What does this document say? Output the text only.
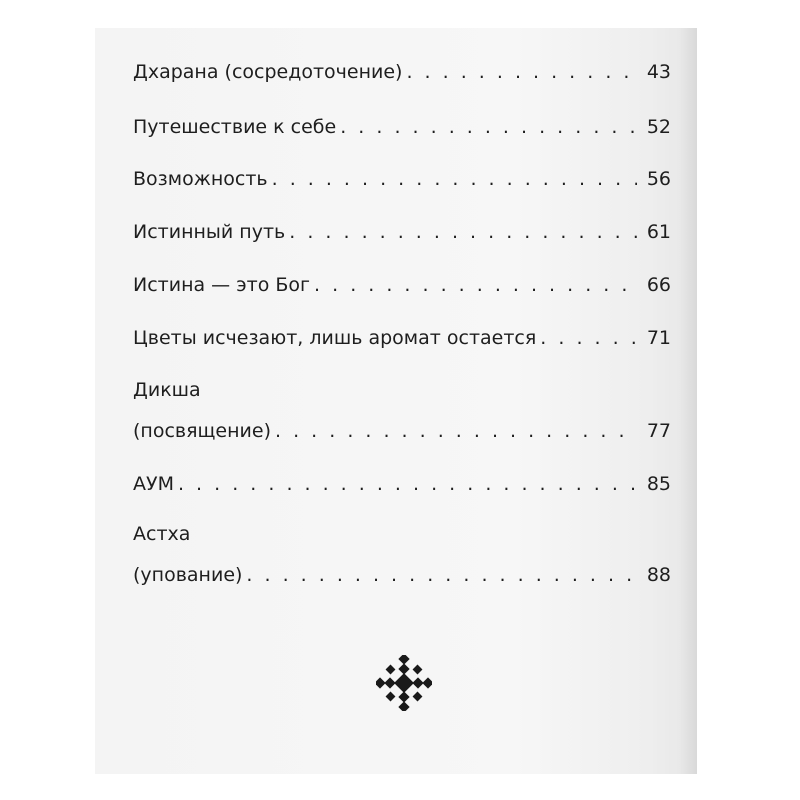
Дхарана (сосредоточение) . . .	43
Путешествие к себе . . .	52
Возможность . . .	56
Истинный путь . . .	61
Истина — это Бог . . .	66
Цветы исчезают, лишь аромат остается . . .	71
Дикша
(посвящение) . . .	77
АУМ . . .	85
Астха
(упование) . . .	88
